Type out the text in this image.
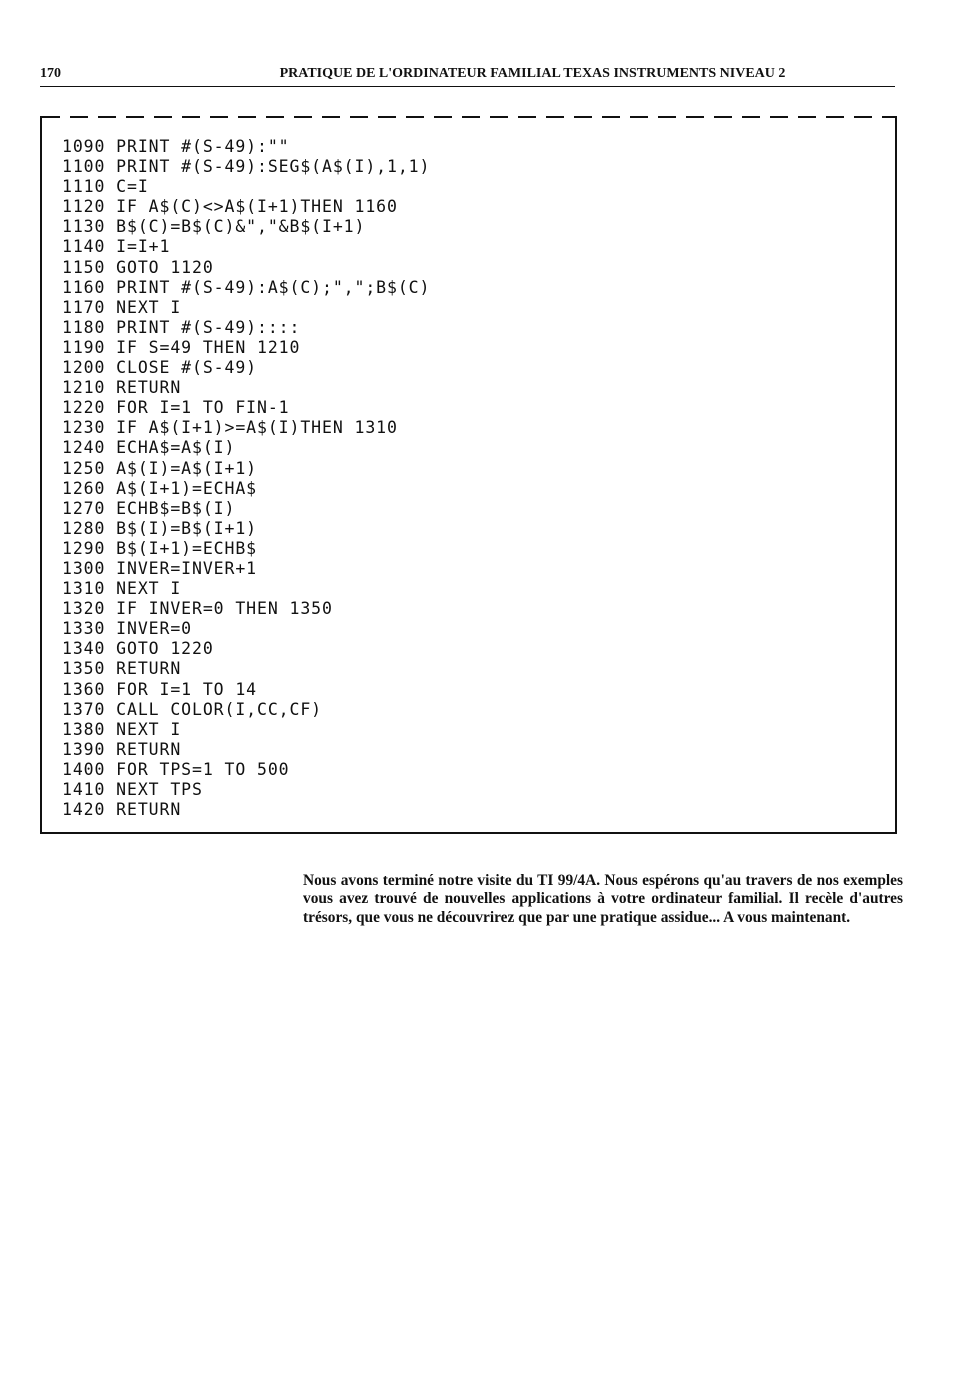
170	PRATIQUE DE L'ORDINATEUR FAMILIAL TEXAS INSTRUMENTS NIVEAU 2
1090 PRINT #(S-49):""
1100 PRINT #(S-49):SEG$(A$(I),1,1)
1110 C=I
1120 IF A$(C)<>A$(I+1)THEN 1160
1130 B$(C)=B$(C)&","&B$(I+1)
1140 I=I+1
1150 GOTO 1120
1160 PRINT #(S-49):A$(C);",";B$(C)
1170 NEXT I
1180 PRINT #(S-49)::::
1190 IF S=49 THEN 1210
1200 CLOSE #(S-49)
1210 RETURN
1220 FOR I=1 TO FIN-1
1230 IF A$(I+1)>=A$(I)THEN 1310
1240 ECHA$=A$(I)
1250 A$(I)=A$(I+1)
1260 A$(I+1)=ECHA$
1270 ECHB$=B$(I)
1280 B$(I)=B$(I+1)
1290 B$(I+1)=ECHB$
1300 INVER=INVER+1
1310 NEXT I
1320 IF INVER=0 THEN 1350
1330 INVER=0
1340 GOTO 1220
1350 RETURN
1360 FOR I=1 TO 14
1370 CALL COLOR(I,CC,CF)
1380 NEXT I
1390 RETURN
1400 FOR TPS=1 TO 500
1410 NEXT TPS
1420 RETURN

Nous avons terminé notre visite du TI 99/4A. Nous espérons qu'au travers de nos exemples vous avez trouvé de nouvelles applications à votre ordinateur familial. Il recèle d'autres trésors, que vous ne découvrirez que par une pratique assidue... A vous maintenant.
